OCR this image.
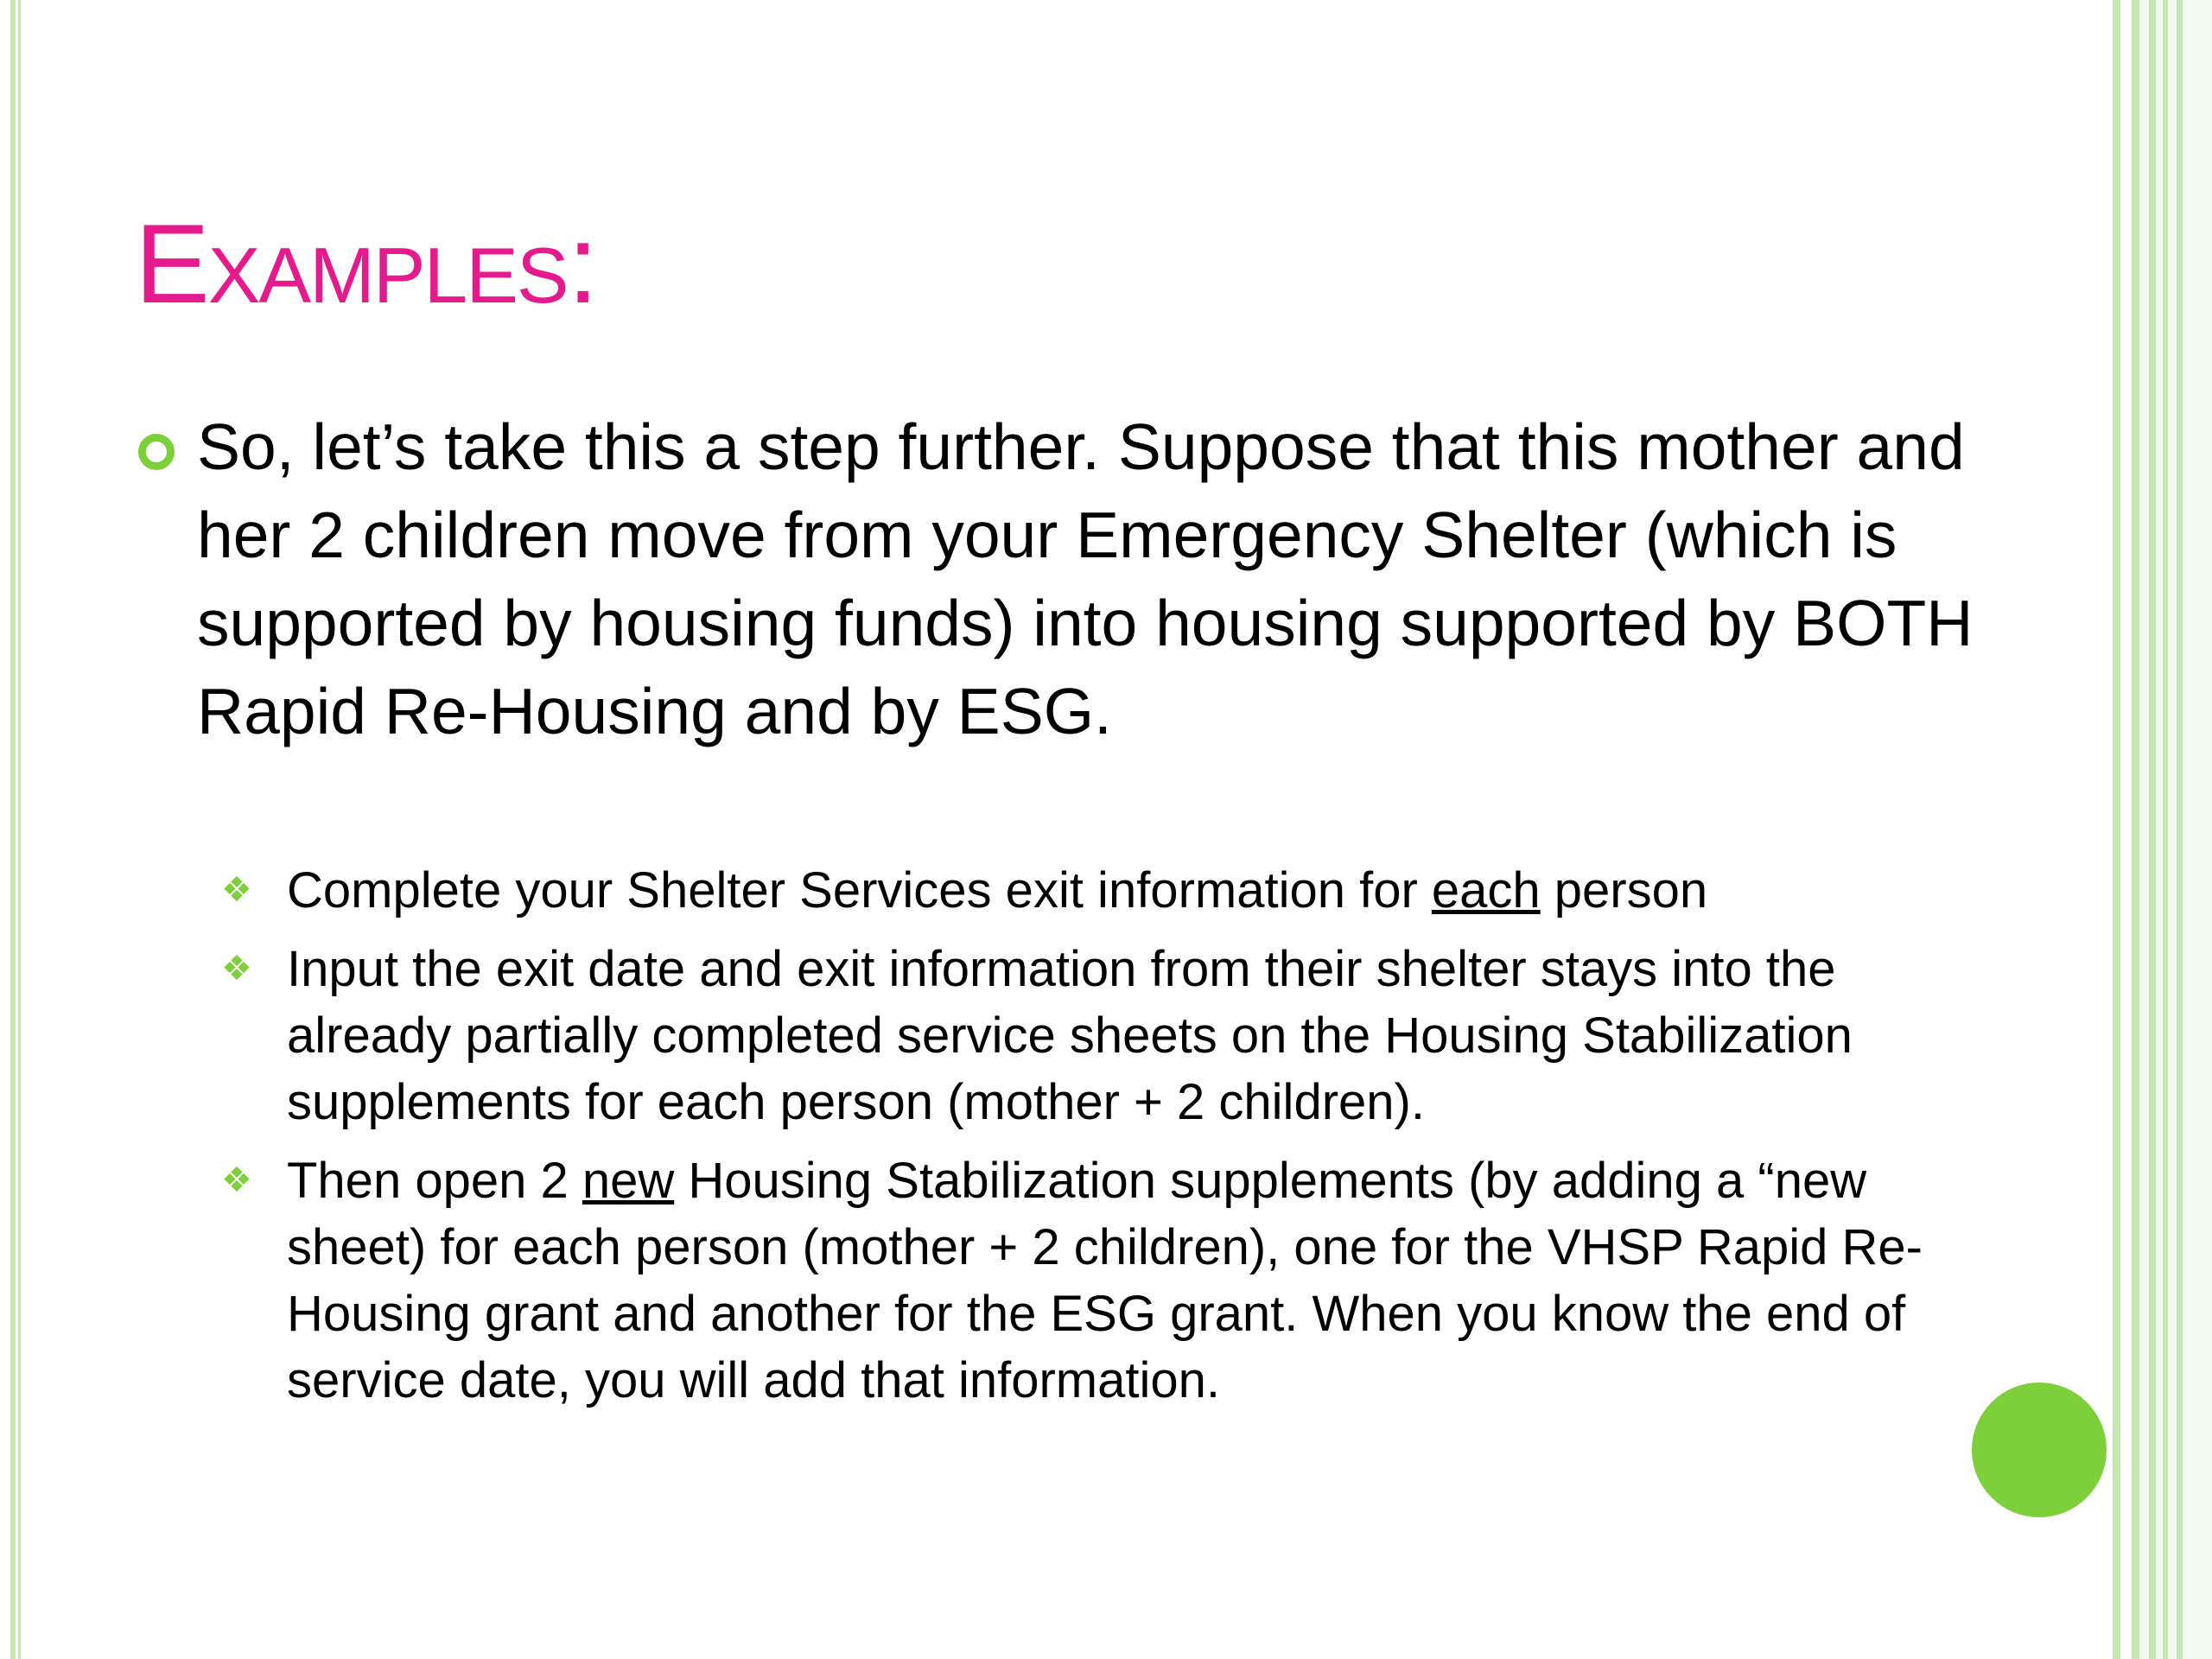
Examples:

So, let’s take this a step further. Suppose that this mother and her 2 children move from your Emergency Shelter (which is supported by housing funds) into housing supported by BOTH Rapid Re-Housing and by ESG.

❖ Complete your Shelter Services exit information for each person
❖ Input the exit date and exit information from their shelter stays into the already partially completed service sheets on the Housing Stabilization supplements for each person (mother + 2 children).
❖ Then open 2 new Housing Stabilization supplements (by adding a “new sheet) for each person (mother + 2 children), one for the VHSP Rapid Re-Housing grant and another for the ESG grant. When you know the end of service date, you will add that information.
